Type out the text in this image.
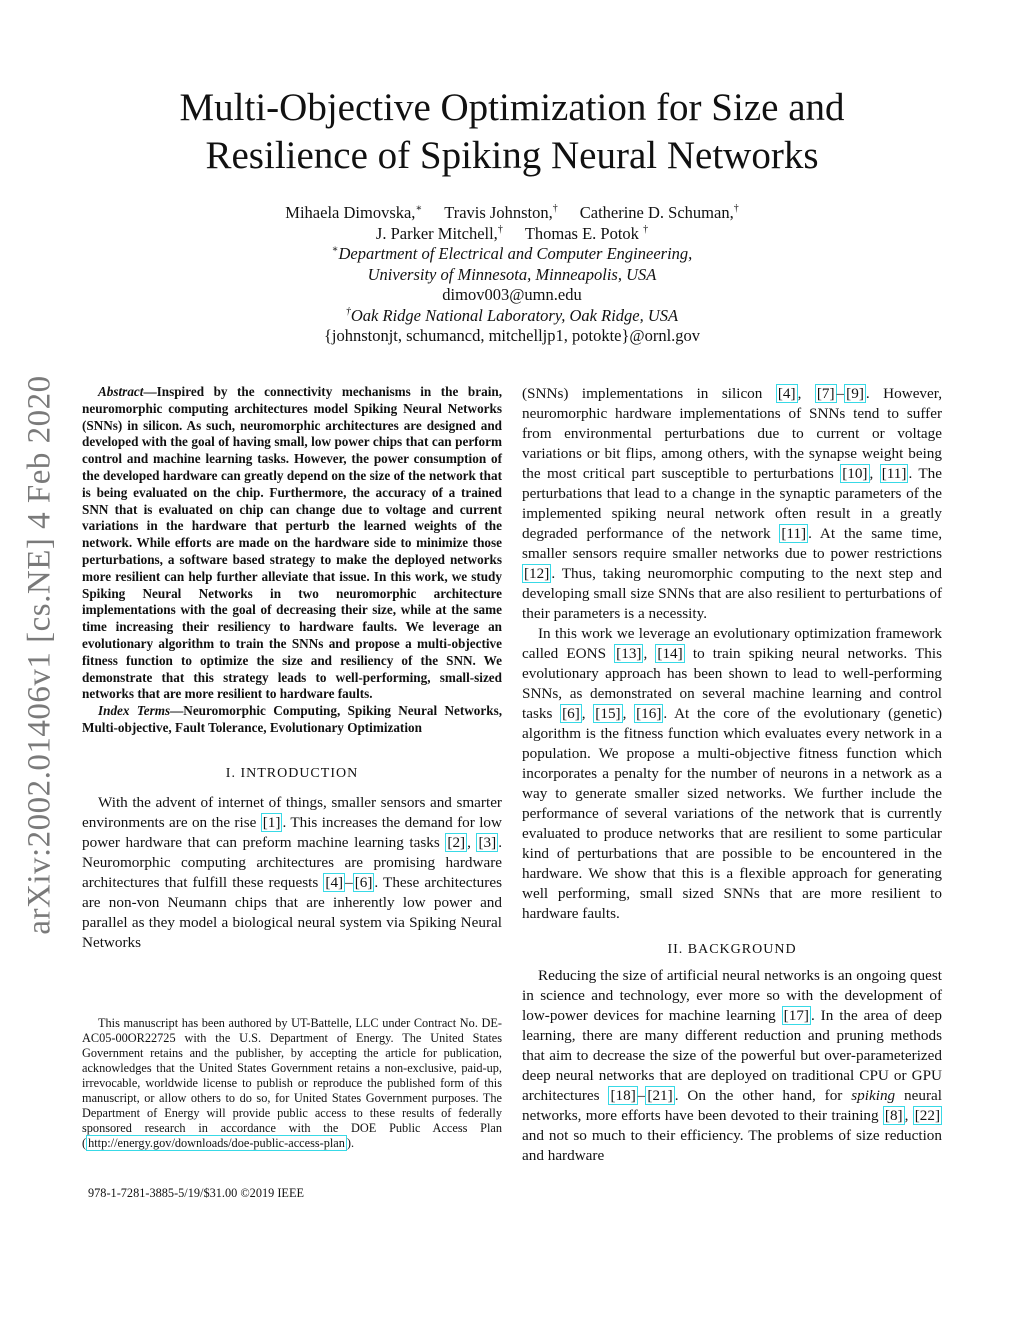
arXiv:2002.01406v1 [cs.NE] 4 Feb 2020
Multi-Objective Optimization for Size and
Resilience of Spiking Neural Networks
Mihaela Dimovska,∗ Travis Johnston,† Catherine D. Schuman,†
J. Parker Mitchell,† Thomas E. Potok †
∗Department of Electrical and Computer Engineering,
University of Minnesota, Minneapolis, USA
dimov003@umn.edu
†Oak Ridge National Laboratory, Oak Ridge, USA
{johnstonjt, schumancd, mitchelljp1, potokte}@ornl.gov

Abstract—Inspired by the connectivity mechanisms in the brain, neuromorphic computing architectures model Spiking Neural Networks (SNNs) in silicon. As such, neuromorphic architectures are designed and developed with the goal of having small, low power chips that can perform control and machine learning tasks. However, the power consumption of the developed hardware can greatly depend on the size of the network that is being evaluated on the chip. Furthermore, the accuracy of a trained SNN that is evaluated on chip can change due to voltage and current variations in the hardware that perturb the learned weights of the network. While efforts are made on the hardware side to minimize those perturbations, a software based strategy to make the deployed networks more resilient can help further alleviate that issue. In this work, we study Spiking Neural Networks in two neuromorphic architecture implementations with the goal of decreasing their size, while at the same time increasing their resiliency to hardware faults. We leverage an evolutionary algorithm to train the SNNs and propose a multi-objective fitness function to optimize the size and resiliency of the SNN. We demonstrate that this strategy leads to well-performing, small-sized networks that are more resilient to hardware faults.

Index Terms—Neuromorphic Computing, Spiking Neural Networks, Multi-objective, Fault Tolerance, Evolutionary Optimization

I. INTRODUCTION

With the advent of internet of things, smaller sensors and smarter environments are on the rise [1] . This increases the demand for low power hardware that can preform machine learning tasks [2] , [3] . Neuromorphic computing architectures are promising hardware architectures that fulfill these requests [4] – [6] . These architectures are non-von Neumann chips that are inherently low power and parallel as they model a biological neural system via Spiking Neural Networks

This manuscript has been authored by UT-Battelle, LLC under Contract No. DE-AC05-00OR22725 with the U.S. Department of Energy. The United States Government retains and the publisher, by accepting the article for publication, acknowledges that the United States Government retains a non-exclusive, paid-up, irrevocable, worldwide license to publish or reproduce the published form of this manuscript, or allow others to do so, for United States Government purposes. The Department of Energy will provide public access to these results of federally sponsored research in accordance with the DOE Public Access Plan ( http://energy.gov/downloads/doe-public-access-plan ).

978-1-7281-3885-5/19/$31.00 ©2019 IEEE

(SNNs) implementations in silicon [4] , [7] – [9] . However, neuromorphic hardware implementations of SNNs tend to suffer from environmental perturbations due to current or voltage variations or bit flips, among others, with the synapse weight being the most critical part susceptible to perturbations [10] , [11] . The perturbations that lead to a change in the synaptic parameters of the implemented spiking neural network often result in a greatly degraded performance of the network [11] . At the same time, smaller sensors require smaller networks due to power restrictions [12] . Thus, taking neuromorphic computing to the next step and developing small size SNNs that are also resilient to perturbations of their parameters is a necessity.

In this work we leverage an evolutionary optimization framework called EONS [13] , [14] to train spiking neural networks. This evolutionary approach has been shown to lead to well-performing SNNs, as demonstrated on several machine learning and control tasks [6] , [15] , [16] . At the core of the evolutionary (genetic) algorithm is the fitness function which evaluates every network in a population. We propose a multi-objective fitness function which incorporates a penalty for the number of neurons in a network as a way to generate smaller sized networks. We further include the performance of several variations of the network that is currently evaluated to produce networks that are resilient to some particular kind of perturbations that are possible to be encountered in the hardware. We show that this is a flexible approach for generating well performing, small sized SNNs that are more resilient to hardware faults.

II. BACKGROUND

Reducing the size of artificial neural networks is an ongoing quest in science and technology, ever more so with the development of low-power devices for machine learning [17] . In the area of deep learning, there are many different reduction and pruning methods that aim to decrease the size of the powerful but over-parameterized deep neural networks that are deployed on traditional CPU or GPU architectures [18] – [21] . On the other hand, for spiking neural networks, more efforts have been devoted to their training [8] , [22] and not so much to their efficiency. The problems of size reduction and hardware
